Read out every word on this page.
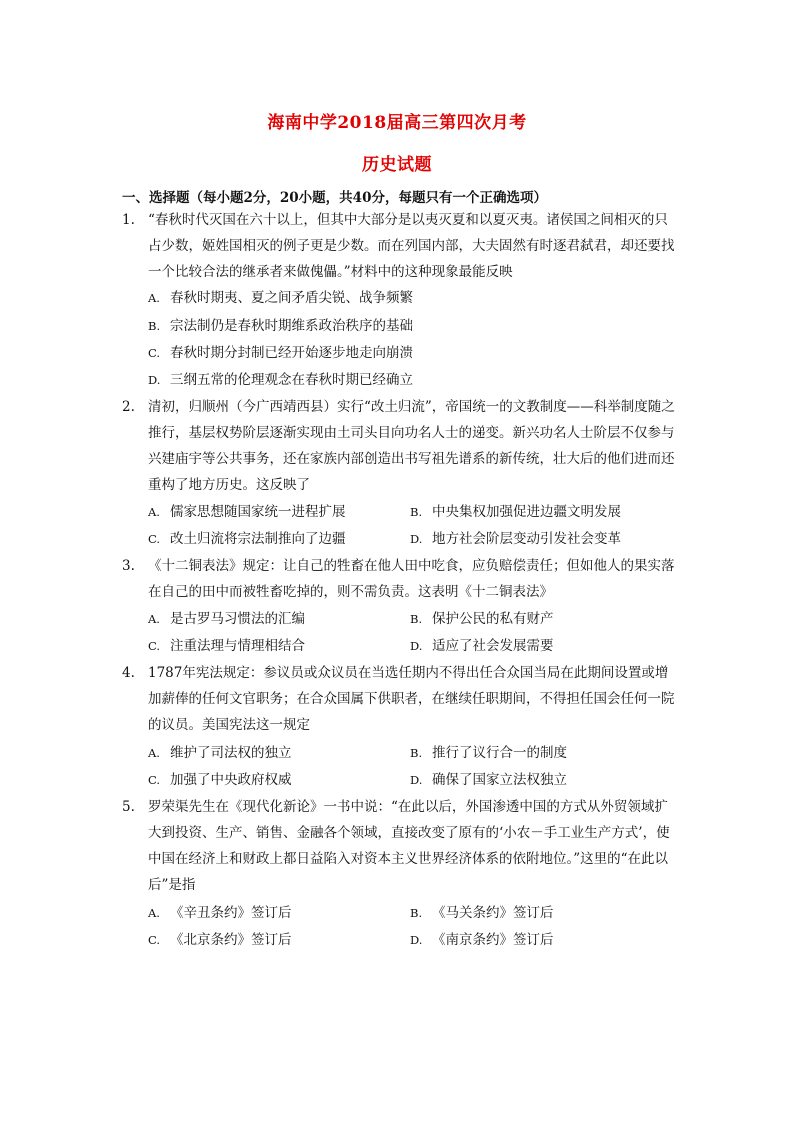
海南中学2018届高三第四次月考
历史试题
一、选择题（每小题2分，20小题，共40分，每题只有一个正确选项）
1. “春秋时代灭国在六十以上，但其中大部分是以夷灭夏和以夏灭夷。诸侯国之间相灭的只占少数，姬姓国相灭的例子更是少数。而在列国内部，大夫固然有时逐君弑君，却还要找一个比较合法的继承者来做傀儡。”材料中的这种现象最能反映
A. 春秋时期夷、夏之间矛盾尖锐、战争频繁
B. 宗法制仍是春秋时期维系政治秩序的基础
C. 春秋时期分封制已经开始逐步地走向崩溃
D. 三纲五常的伦理观念在春秋时期已经确立
2. 清初，归顺州（今广西靖西县）实行“改土归流”，帝国统一的文教制度——科举制度随之推行，基层权势阶层逐渐实现由土司头目向功名人士的递变。新兴功名人士阶层不仅参与兴建庙宇等公共事务，还在家族内部创造出书写祖先谱系的新传统，壮大后的他们进而还重构了地方历史。这反映了
A. 儒家思想随国家统一进程扩展	B. 中央集权加强促进边疆文明发展
C. 改土归流将宗法制推向了边疆	D. 地方社会阶层变动引发社会变革
3. 《十二铜表法》规定：让自己的牲畜在他人田中吃食，应负赔偿责任；但如他人的果实落在自己的田中而被牲畜吃掉的，则不需负责。这表明《十二铜表法》
A. 是古罗马习惯法的汇编	B. 保护公民的私有财产
C. 注重法理与情理相结合	D. 适应了社会发展需要
4. 1787年宪法规定：参议员或众议员在当选任期内不得出任合众国当局在此期间设置或增加薪俸的任何文官职务；在合众国属下供职者，在继续任职期间，不得担任国会任何一院的议员。美国宪法这一规定
A. 维护了司法权的独立	B. 推行了议行合一的制度
C. 加强了中央政府权威	D. 确保了国家立法权独立
5. 罗荣渠先生在《现代化新论》一书中说：“在此以后，外国渗透中国的方式从外贸领域扩大到投资、生产、销售、金融各个领域，直接改变了原有的‘小农－手工业生产方式’，使中国在经济上和财政上都日益陷入对资本主义世界经济体系的依附地位。”这里的“在此以后”是指
A. 《辛丑条约》签订后	B. 《马关条约》签订后
C. 《北京条约》签订后	D. 《南京条约》签订后
